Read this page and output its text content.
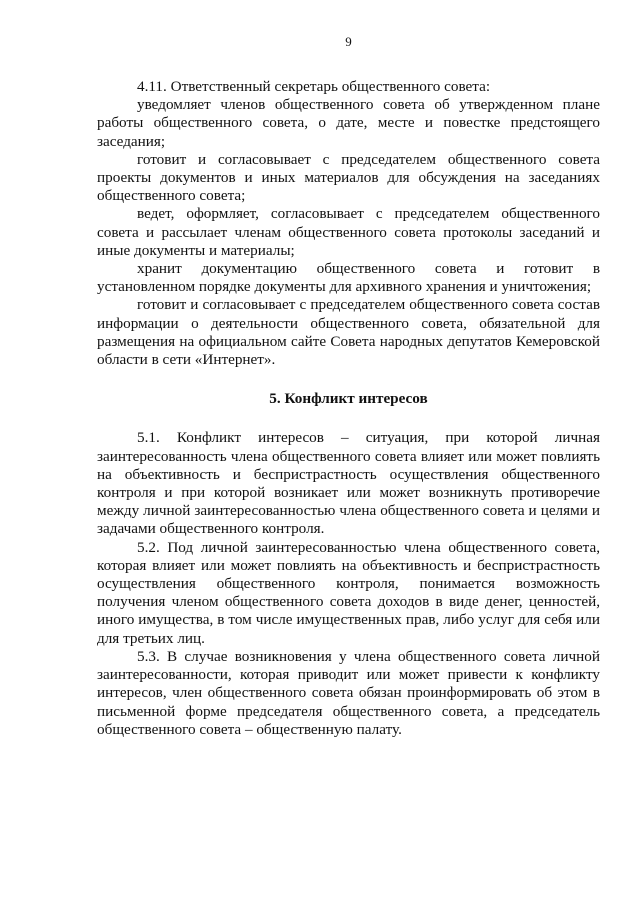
9

4.11. Ответственный секретарь общественного совета:

уведомляет членов общественного совета об утвержденном плане работы общественного совета, о дате, месте и повестке предстоящего заседания;

готовит и согласовывает с председателем общественного совета проекты документов и иных материалов для обсуждения на заседаниях общественного совета;

ведет, оформляет, согласовывает с председателем общественного совета и рассылает членам общественного совета протоколы заседаний и иные документы и материалы;

хранит документацию общественного совета и готовит в установленном порядке документы для архивного хранения и уничтожения;

готовит и согласовывает с председателем общественного совета состав информации о деятельности общественного совета, обязательной для размещения на официальном сайте Совета народных депутатов Кемеровской области в сети «Интернет».

5. Конфликт интересов

5.1. Конфликт интересов – ситуация, при которой личная заинтересованность члена общественного совета влияет или может повлиять на объективность и беспристрастность осуществления общественного контроля и при которой возникает или может возникнуть противоречие между личной заинтересованностью члена общественного совета и целями и задачами общественного контроля.

5.2. Под личной заинтересованностью члена общественного совета, которая влияет или может повлиять на объективность и беспристрастность осуществления общественного контроля, понимается возможность получения членом общественного совета доходов в виде денег, ценностей, иного имущества, в том числе имущественных прав, либо услуг для себя или для третьих лиц.

5.3. В случае возникновения у члена общественного совета личной заинтересованности, которая приводит или может привести к конфликту интересов, член общественного совета обязан проинформировать об этом в письменной форме председателя общественного совета, а председатель общественного совета – общественную палату.
